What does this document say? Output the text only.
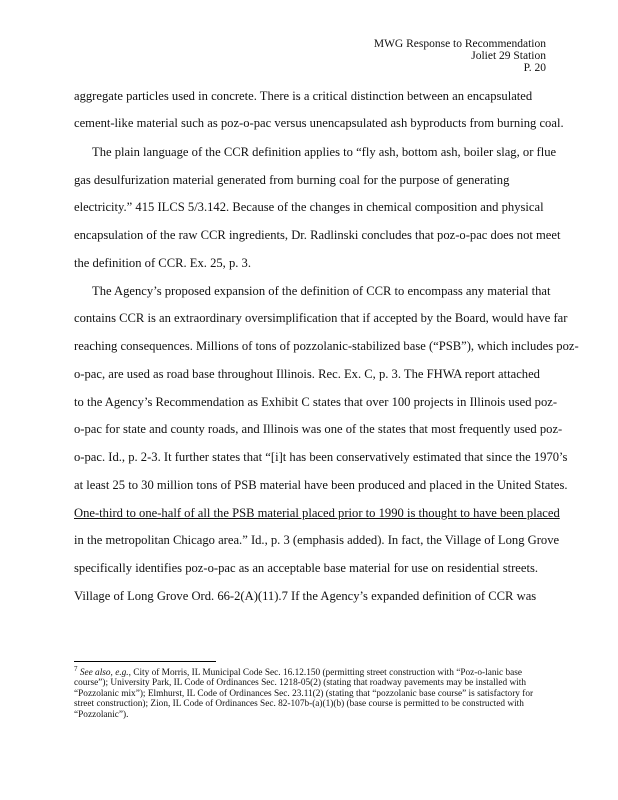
MWG Response to Recommendation
Joliet 29 Station
P. 20
aggregate particles used in concrete. There is a critical distinction between an encapsulated
cement-like material such as poz-o-pac versus unencapsulated ash byproducts from burning coal.
The plain language of the CCR definition applies to “fly ash, bottom ash, boiler slag, or flue
gas desulfurization material generated from burning coal for the purpose of generating
electricity.” 415 ILCS 5/3.142. Because of the changes in chemical composition and physical
encapsulation of the raw CCR ingredients, Dr. Radlinski concludes that poz-o-pac does not meet
the definition of CCR. Ex. 25, p. 3.
The Agency’s proposed expansion of the definition of CCR to encompass any material that
contains CCR is an extraordinary oversimplification that if accepted by the Board, would have far
reaching consequences. Millions of tons of pozzolanic-stabilized base (“PSB”), which includes poz-
o-pac, are used as road base throughout Illinois. Rec. Ex. C, p. 3. The FHWA report attached
to the Agency’s Recommendation as Exhibit C states that over 100 projects in Illinois used poz-
o-pac for state and county roads, and Illinois was one of the states that most frequently used poz-
o-pac. Id., p. 2-3. It further states that “[i]t has been conservatively estimated that since the 1970’s
at least 25 to 30 million tons of PSB material have been produced and placed in the United States.
One-third to one-half of all the PSB material placed prior to 1990 is thought to have been placed
in the metropolitan Chicago area.” Id., p. 3 (emphasis added). In fact, the Village of Long Grove
specifically identifies poz-o-pac as an acceptable base material for use on residential streets.
Village of Long Grove Ord. 66-2(A)(11).7 If the Agency’s expanded definition of CCR was
$^7$ See also, e.g., City of Morris, IL Municipal Code Sec. 16.12.150 (permitting street construction with “Poz-o-lanic base course”); University Park, IL Code of Ordinances Sec. 1218-05(2) (stating that roadway pavements may be installed with “Pozzolanic mix”); Elmhurst, IL Code of Ordinances Sec. 23.11(2) (stating that “pozzolanic base course” is satisfactory for street construction); Zion, IL Code of Ordinances Sec. 82-107b-(a)(1)(b) (base course is permitted to be constructed with “Pozzolanic”).
